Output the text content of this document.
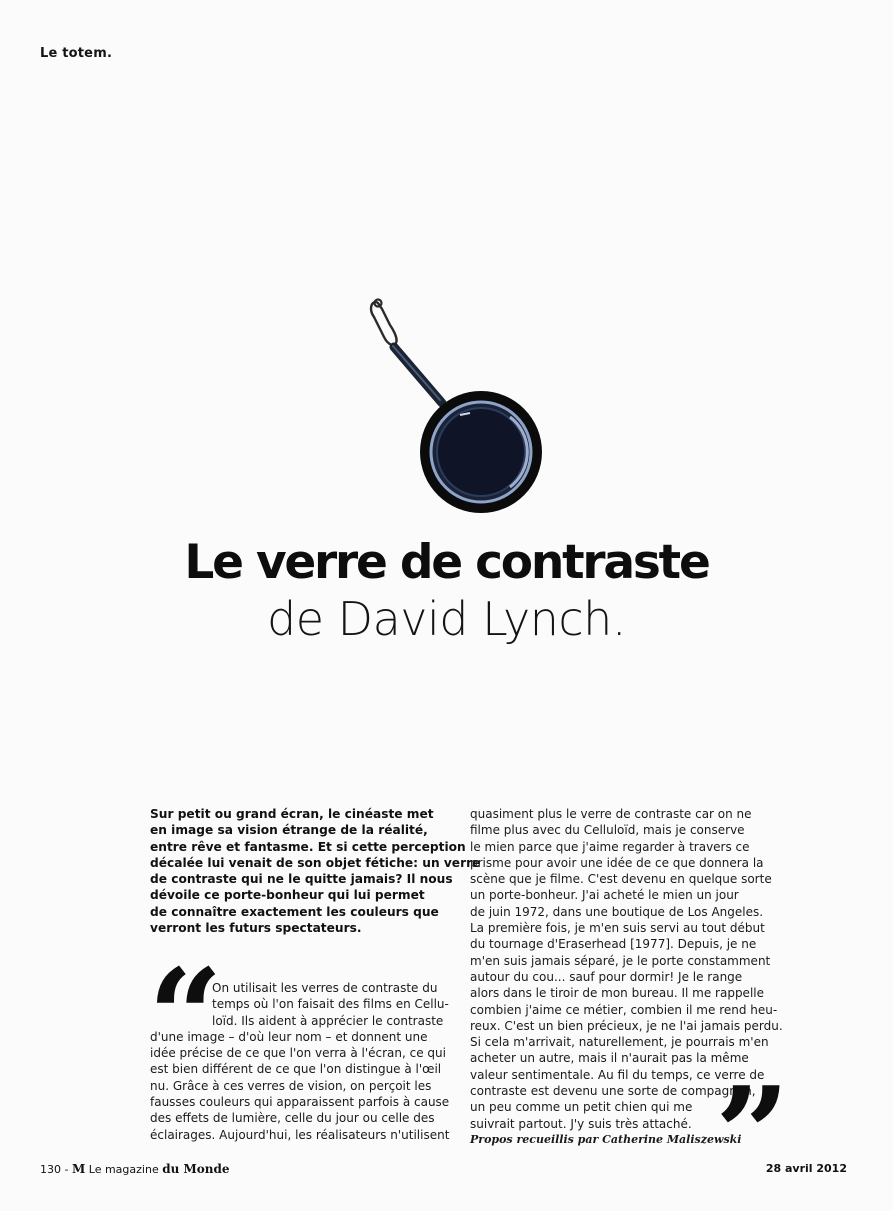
Le totem.
Le verre de contraste
de David Lynch.
Sur petit ou grand écran, le cinéaste met
en image sa vision étrange de la réalité,
entre rêve et fantasme. Et si cette perception
décalée lui venait de son objet fétiche: un verre
de contraste qui ne le quitte jamais? Il nous
dévoile ce porte-bonheur qui lui permet
de connaître exactement les couleurs que
verront les futurs spectateurs.
“
On utilisait les verres de contraste du
temps où l'on faisait des films en Cellu-
loïd. Ils aident à apprécier le contraste
d'une image – d'où leur nom – et donnent une
idée précise de ce que l'on verra à l'écran, ce qui
est bien différent de ce que l'on distingue à l'œil
nu. Grâce à ces verres de vision, on perçoit les
fausses couleurs qui apparaissent parfois à cause
des effets de lumière, celle du jour ou celle des
éclairages. Aujourd'hui, les réalisateurs n'utilisent
quasiment plus le verre de contraste car on ne
filme plus avec du Celluloïd, mais je conserve
le mien parce que j'aime regarder à travers ce
prisme pour avoir une idée de ce que donnera la
scène que je filme. C'est devenu en quelque sorte
un porte-bonheur. J'ai acheté le mien un jour
de juin 1972, dans une boutique de Los Angeles.
La première fois, je m'en suis servi au tout début
du tournage d'Eraserhead [1977]. Depuis, je ne
m'en suis jamais séparé, je le porte constamment
autour du cou... sauf pour dormir! Je le range
alors dans le tiroir de mon bureau. Il me rappelle
combien j'aime ce métier, combien il me rend heu-
reux. C'est un bien précieux, je ne l'ai jamais perdu.
Si cela m'arrivait, naturellement, je pourrais m'en
acheter un autre, mais il n'aurait pas la même
valeur sentimentale. Au fil du temps, ce verre de
contraste est devenu une sorte de compagnon,
un peu comme un petit chien qui me
suivrait partout. J'y suis très attaché.
Propos recueillis par Catherine Maliszewski
”
130 - M Le magazine du Monde	28 avril 2012
